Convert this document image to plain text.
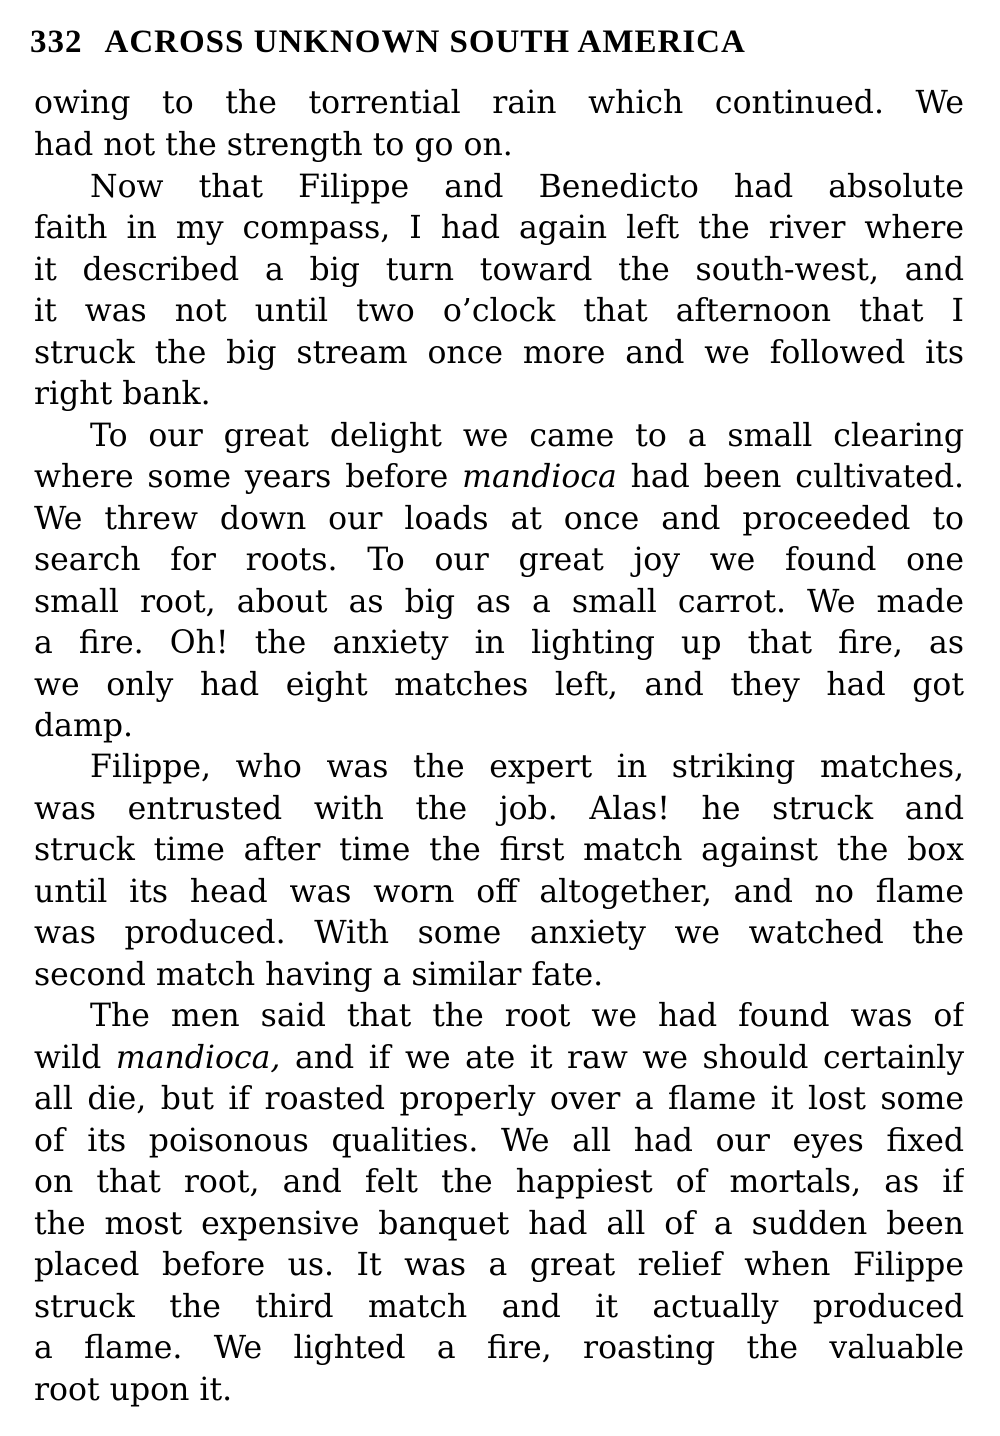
332 ACROSS UNKNOWN SOUTH AMERICA
owing to the torrential rain which continued. We
had not the strength to go on.
Now that Filippe and Benedicto had absolute
faith in my compass, I had again left the river where
it described a big turn toward the south-west, and
it was not until two o’clock that afternoon that I
struck the big stream once more and we followed its
right bank.
To our great delight we came to a small clearing
where some years before mandioca had been cultivated.
We threw down our loads at once and proceeded to
search for roots. To our great joy we found one
small root, about as big as a small carrot. We made
a fire. Oh! the anxiety in lighting up that fire, as
we only had eight matches left, and they had got
damp.
Filippe, who was the expert in striking matches,
was entrusted with the job. Alas! he struck and
struck time after time the first match against the box
until its head was worn off altogether, and no flame
was produced. With some anxiety we watched the
second match having a similar fate.
The men said that the root we had found was of
wild mandioca, and if we ate it raw we should certainly
all die, but if roasted properly over a flame it lost some
of its poisonous qualities. We all had our eyes fixed
on that root, and felt the happiest of mortals, as if
the most expensive banquet had all of a sudden been
placed before us. It was a great relief when Filippe
struck the third match and it actually produced
a flame. We lighted a fire, roasting the valuable
root upon it.
